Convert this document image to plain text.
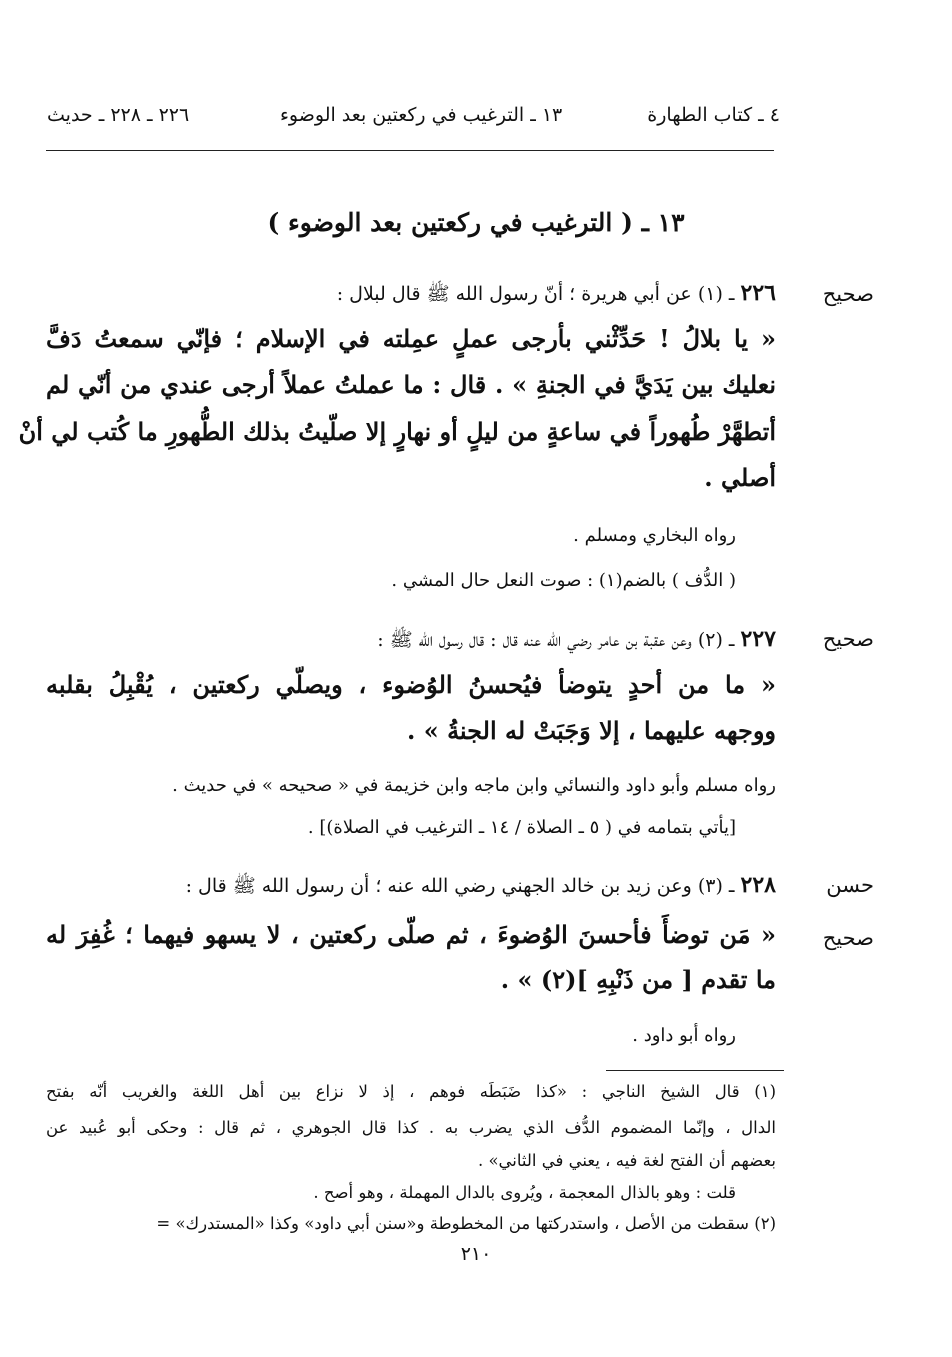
٤ ـ كتاب الطهارة
١٣ ـ الترغيب في ركعتين بعد الوضوء
٢٢٦ ـ ٢٢٨ ـ حديث
١٣ ـ ( الترغيب في ركعتين بعد الوضوء )
صحيح
٢٢٦ ـ (١) عن أبي هريرة ؛ أنّ رسول الله ﷺ قال لبلال :
« يا بلالُ ! حَدِّثْني بأرجى عملٍ عمِلته في الإسلام ؛ فإنّي سمعتُ دَفَّ
نعليك بين يَدَيَّ في الجنةِ » . قال : ما عملتُ عملاً أرجى عندي من أنّي لم
أتطهَّرْ طُهوراً في ساعةٍ من ليلٍ أو نهارٍ إلا صلّيتُ بذلك الطُّهورِ ما كُتب لي أنْ
أصلي .
رواه البخاري ومسلم .
( الدُّف ) بالضم(١) : صوت النعل حال المشي .
صحيح
٢٢٧ ـ (٢) وعن عقبة بن عامر رضي الله عنه قال : قال رسول الله ﷺ :
« ما من أحدٍ يتوضأ فيُحسنُ الوُضوء ، ويصلّي ركعتين ، يُقْبِلُ بقلبه
ووجهه عليهما ، إلا وَجَبَتْ له الجنةُ » .
رواه مسلم وأبو داود والنسائي وابن ماجه وابن خزيمة في « صحيحه » في حديث .
[يأتي بتمامه في ( ٥ ـ الصلاة / ١٤ ـ الترغيب في الصلاة)] .
حسن
صحيح
٢٢٨ ـ (٣) وعن زيد بن خالد الجهني رضي الله عنه ؛ أن رسول الله ﷺ قال :
« مَن توضأَ فأحسنَ الوُضوءَ ، ثم صلّى ركعتين ، لا يسهو فيهما ؛ غُفِرَ له
ما تقدم [ من ذَنْبِهِ ](٢) » .
رواه أبو داود .
(١) قال الشيخ الناجي : «كذا ضَبَطَه فوهم ، إذ لا نزاع بين أهل اللغة والغريب أنّه بفتح
الدال ، وإنّما المضموم الدُّف الذي يضرب به . كذا قال الجوهري ، ثم قال : وحكى أبو عُبيد عن
بعضهم أن الفتح لغة فيه ، يعني في الثاني» .
قلت : وهو بالذال المعجمة ، ويُروى بالدال المهملة ، وهو أصح .
(٢) سقطت من الأصل ، واستدركتها من المخطوطة و«سنن أبي داود» وكذا «المستدرك» =
٢١٠
